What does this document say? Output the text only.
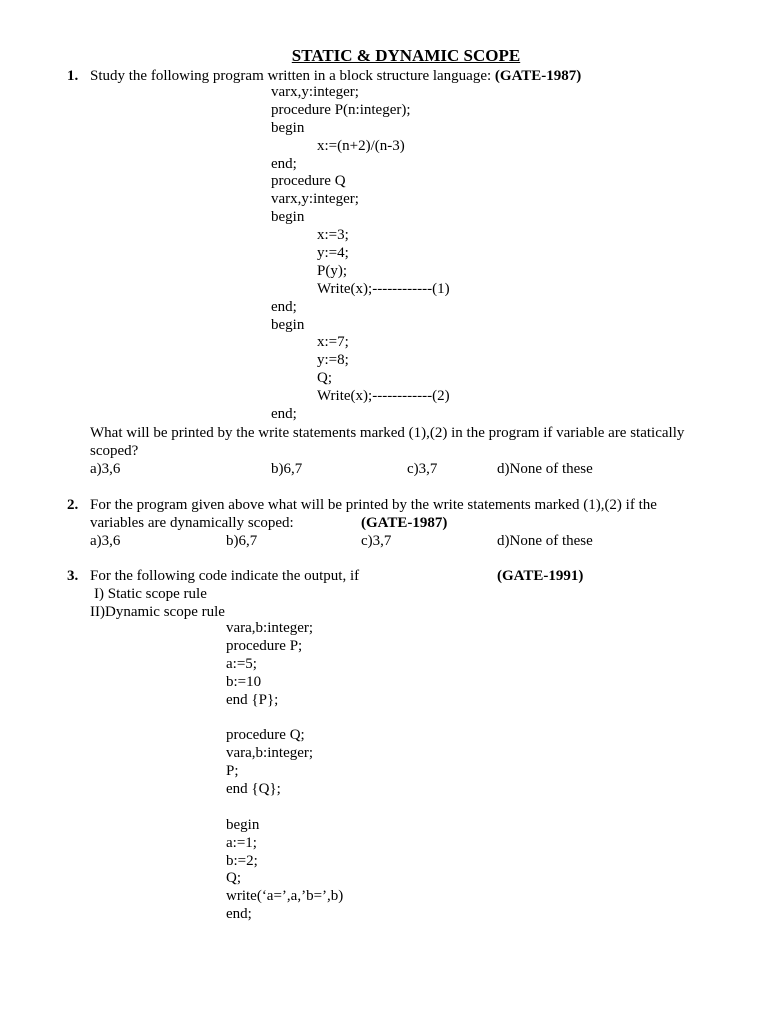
STATIC & DYNAMIC SCOPE
1. Study the following program written in a block structure language: (GATE-1987)
varx,y:integer;
procedure P(n:integer);
begin
x:=(n+2)/(n-3)
end;
procedure Q
varx,y:integer;
begin
x:=3;
y:=4;
P(y);
Write(x);------------(1)
end;
begin
x:=7;
y:=8;
Q;
Write(x);------------(2)
end;
What will be printed by the write statements marked (1),(2) in the program if variable are statically scoped?
a)3,6	b)6,7	c)3,7	d)None of these
2. For the program given above what will be printed by the write statements marked (1),(2) if the variables are dynamically scoped:	(GATE-1987)
a)3,6	b)6,7	c)3,7	d)None of these
3. For the following code indicate the output, if	(GATE-1991)
I) Static scope rule
II)Dynamic scope rule
vara,b:integer;
procedure P;
a:=5;
b:=10
end {P};
procedure Q;
vara,b:integer;
P;
end {Q};
begin
a:=1;
b:=2;
Q;
write(‘a=’,a,’b=’,b)
end;
